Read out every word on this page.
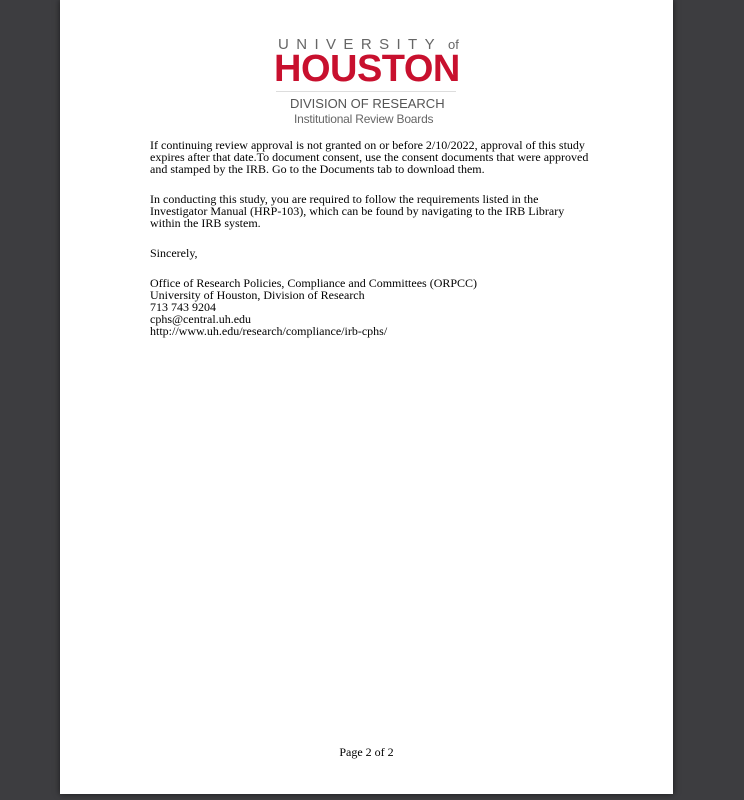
UNIVERSITY of
HOUSTON
DIVISION OF RESEARCH
Institutional Review Boards

If continuing review approval is not granted on or before 2/10/2022, approval of this study expires after that date.To document consent, use the consent documents that were approved and stamped by the IRB. Go to the Documents tab to download them.

In conducting this study, you are required to follow the requirements listed in the Investigator Manual (HRP-103), which can be found by navigating to the IRB Library within the IRB system.

Sincerely,

Office of Research Policies, Compliance and Committees (ORPCC)
University of Houston, Division of Research
713 743 9204
cphs@central.uh.edu
http://www.uh.edu/research/compliance/irb-cphs/
Page 2 of 2
